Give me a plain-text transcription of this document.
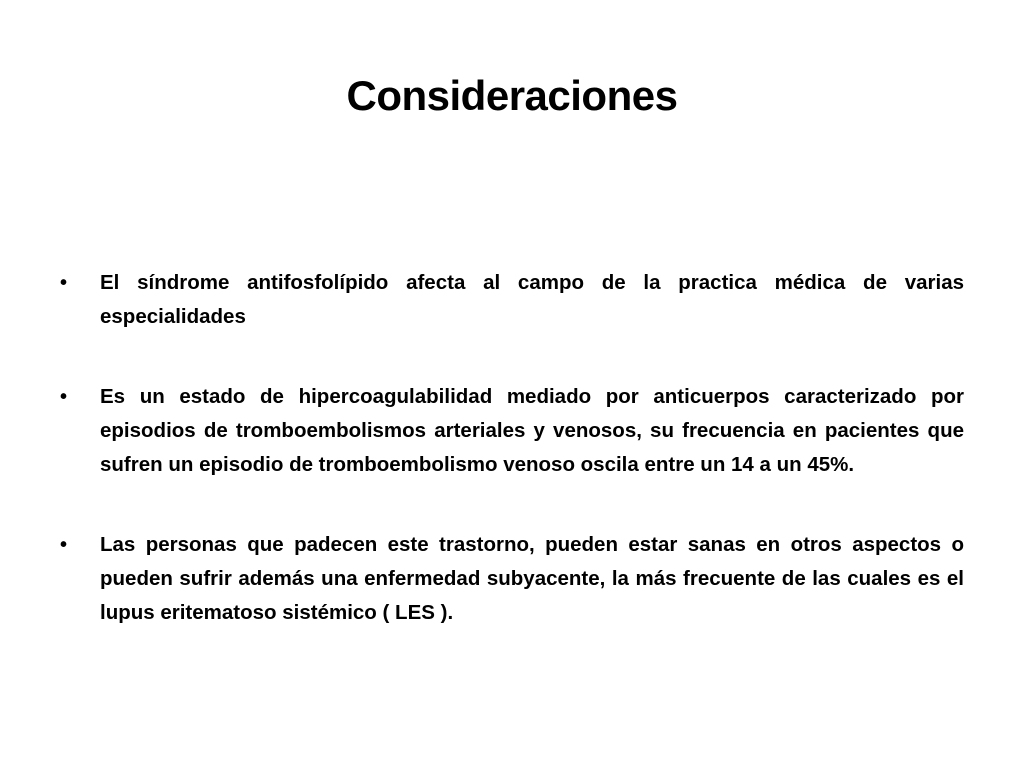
Consideraciones
•	El síndrome antifosfolípido afecta al campo de la practica médica de varias especialidades
•	Es un estado de hipercoagulabilidad mediado por anticuerpos caracterizado por episodios de tromboembolismos arteriales y venosos, su frecuencia en pacientes que sufren un episodio de tromboembolismo venoso oscila entre un 14 a un 45%.
•	Las personas que padecen este trastorno, pueden estar sanas en otros aspectos o pueden sufrir además una enfermedad subyacente, la más frecuente de las cuales es el lupus eritematoso sistémico ( LES ).
